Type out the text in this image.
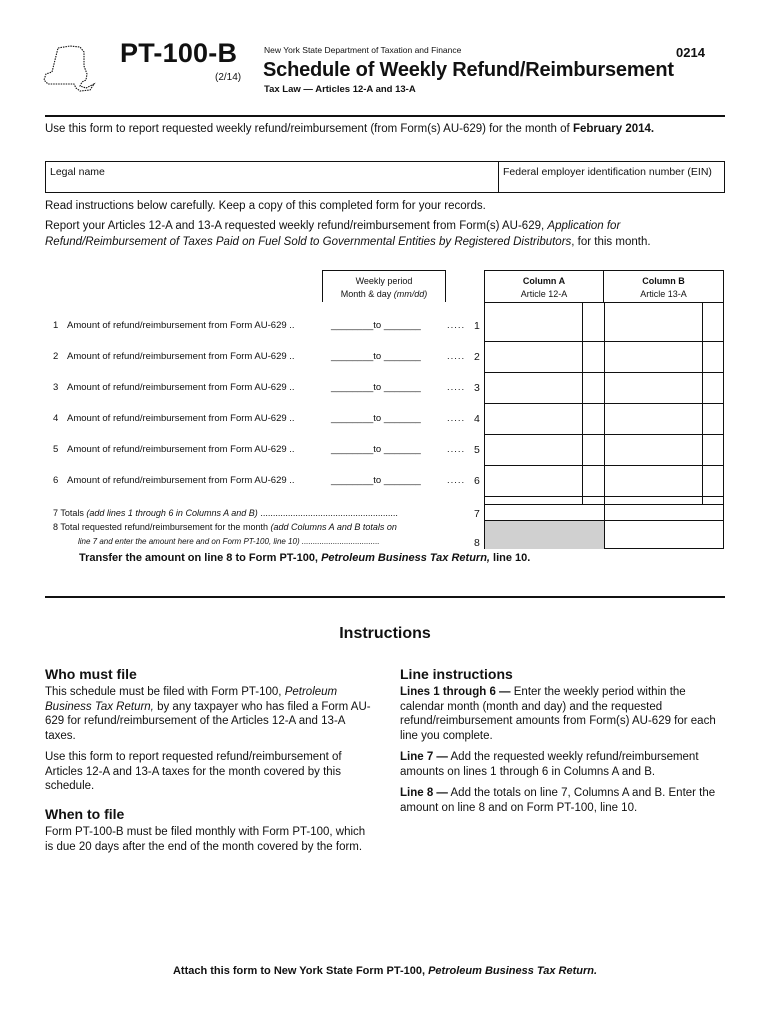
PT-100-B
(2/14)
New York State Department of Taxation and Finance	0214
Schedule of Weekly Refund/Reimbursement
Tax Law — Articles 12-A and 13-A
Use this form to report requested weekly refund/reimbursement (from Form(s) AU-629) for the month of February 2014.
Legal name	Federal employer identification number (EIN)
Read instructions below carefully. Keep a copy of this completed form for your records.
Report your Articles 12-A and 13-A requested weekly refund/reimbursement from Form(s) AU-629, Application for Refund/Reimbursement of Taxes Paid on Fuel Sold to Governmental Entities by Registered Distributors, for this month.
Weekly period
Month & day (mm/dd)
Column A
Article 12-A
Column B
Article 13-A
1 Amount of refund/reimbursement from Form AU-629 ..	________to _______	..... 1
2 Amount of refund/reimbursement from Form AU-629 ..	________to _______	..... 2
3 Amount of refund/reimbursement from Form AU-629 ..	________to _______	..... 3
4 Amount of refund/reimbursement from Form AU-629 ..	________to _______	..... 4
5 Amount of refund/reimbursement from Form AU-629 ..	________to _______	..... 5
6 Amount of refund/reimbursement from Form AU-629 ..	________to _______	..... 6
7 Totals (add lines 1 through 6 in Columns A and B) .......................................................	7
8 Total requested refund/reimbursement for the month (add Columns A and B totals on
line 7 and enter the amount here and on Form PT-100, line 10) ...................................	8
Transfer the amount on line 8 to Form PT-100, Petroleum Business Tax Return, line 10.
Instructions
Who must file
This schedule must be filed with Form PT-100, Petroleum Business Tax Return, by any taxpayer who has filed a Form AU-629 for refund/reimbursement of the Articles 12-A and 13-A taxes.
Use this form to report requested refund/reimbursement of Articles 12-A and 13-A taxes for the month covered by this schedule.
When to file
Form PT-100-B must be filed monthly with Form PT-100, which is due 20 days after the end of the month covered by the form.
Line instructions
Lines 1 through 6 — Enter the weekly period within the calendar month (month and day) and the requested refund/reimbursement amounts from Form(s) AU-629 for each line you complete.
Line 7 — Add the requested weekly refund/reimbursement amounts on lines 1 through 6 in Columns A and B.
Line 8 — Add the totals on line 7, Columns A and B. Enter the amount on line 8 and on Form PT-100, line 10.
Attach this form to New York State Form PT-100, Petroleum Business Tax Return.
